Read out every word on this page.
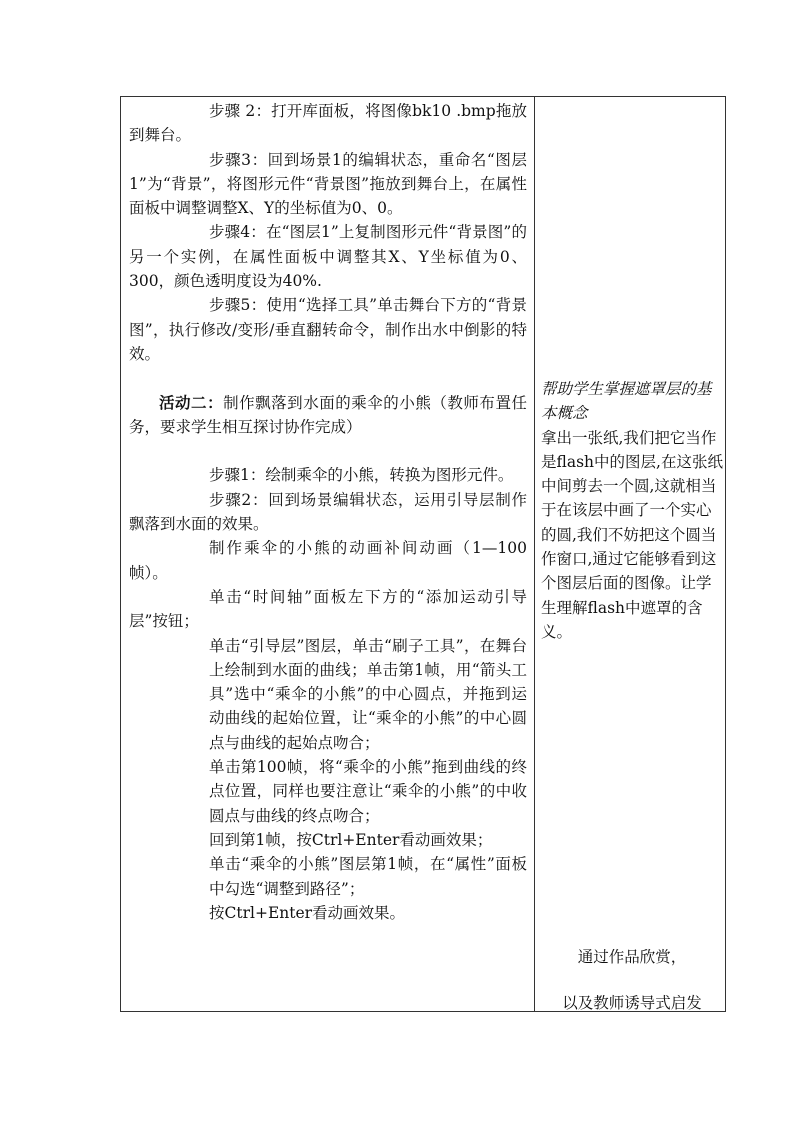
步骤 2：打开库面板，将图像bk10 .bmp拖放到舞台。

步骤3：回到场景1的编辑状态，重命名“图层1”为“背景”，将图形元件“背景图”拖放到舞台上，在属性面板中调整调整X、Y的坐标值为0、0。

步骤4：在“图层1”上复制图形元件“背景图”的另一个实例，在属性面板中调整其X、Y坐标值为0、300，颜色透明度设为40%.

步骤5：使用“选择工具”单击舞台下方的“背景图”，执行修改/变形/垂直翻转命令，制作出水中倒影的特效。

活动二：制作飘落到水面的乘伞的小熊（教师布置任务，要求学生相互探讨协作完成）

步骤1：绘制乘伞的小熊，转换为图形元件。

步骤2：回到场景编辑状态，运用引导层制作飘落到水面的效果。

制作乘伞的小熊的动画补间动画（1—100帧）。

单击“时间轴”面板左下方的“添加运动引导层”按钮；

单击“引导层”图层，单击“刷子工具”，在舞台上绘制到水面的曲线；单击第1帧，用“箭头工具”选中“乘伞的小熊”的中心圆点，并拖到运动曲线的起始位置，让“乘伞的小熊”的中心圆点与曲线的起始点吻合；

单击第100帧，将“乘伞的小熊”拖到曲线的终点位置，同样也要注意让“乘伞的小熊”的中收圆点与曲线的终点吻合；

回到第1帧，按Ctrl+Enter看动画效果；

单击“乘伞的小熊”图层第1帧，在“属性”面板中勾选“调整到路径”；

按Ctrl+Enter看动画效果。

帮助学生掌握遮罩层的基本概念

拿出一张纸,我们把它当作是flash中的图层,在这张纸中间剪去一个圆,这就相当于在该层中画了一个实心的圆,我们不妨把这个圆当作窗口,通过它能够看到这个图层后面的图像。让学生理解flash中遮罩的含义。

通过作品欣赏，

以及教师诱导式启发
